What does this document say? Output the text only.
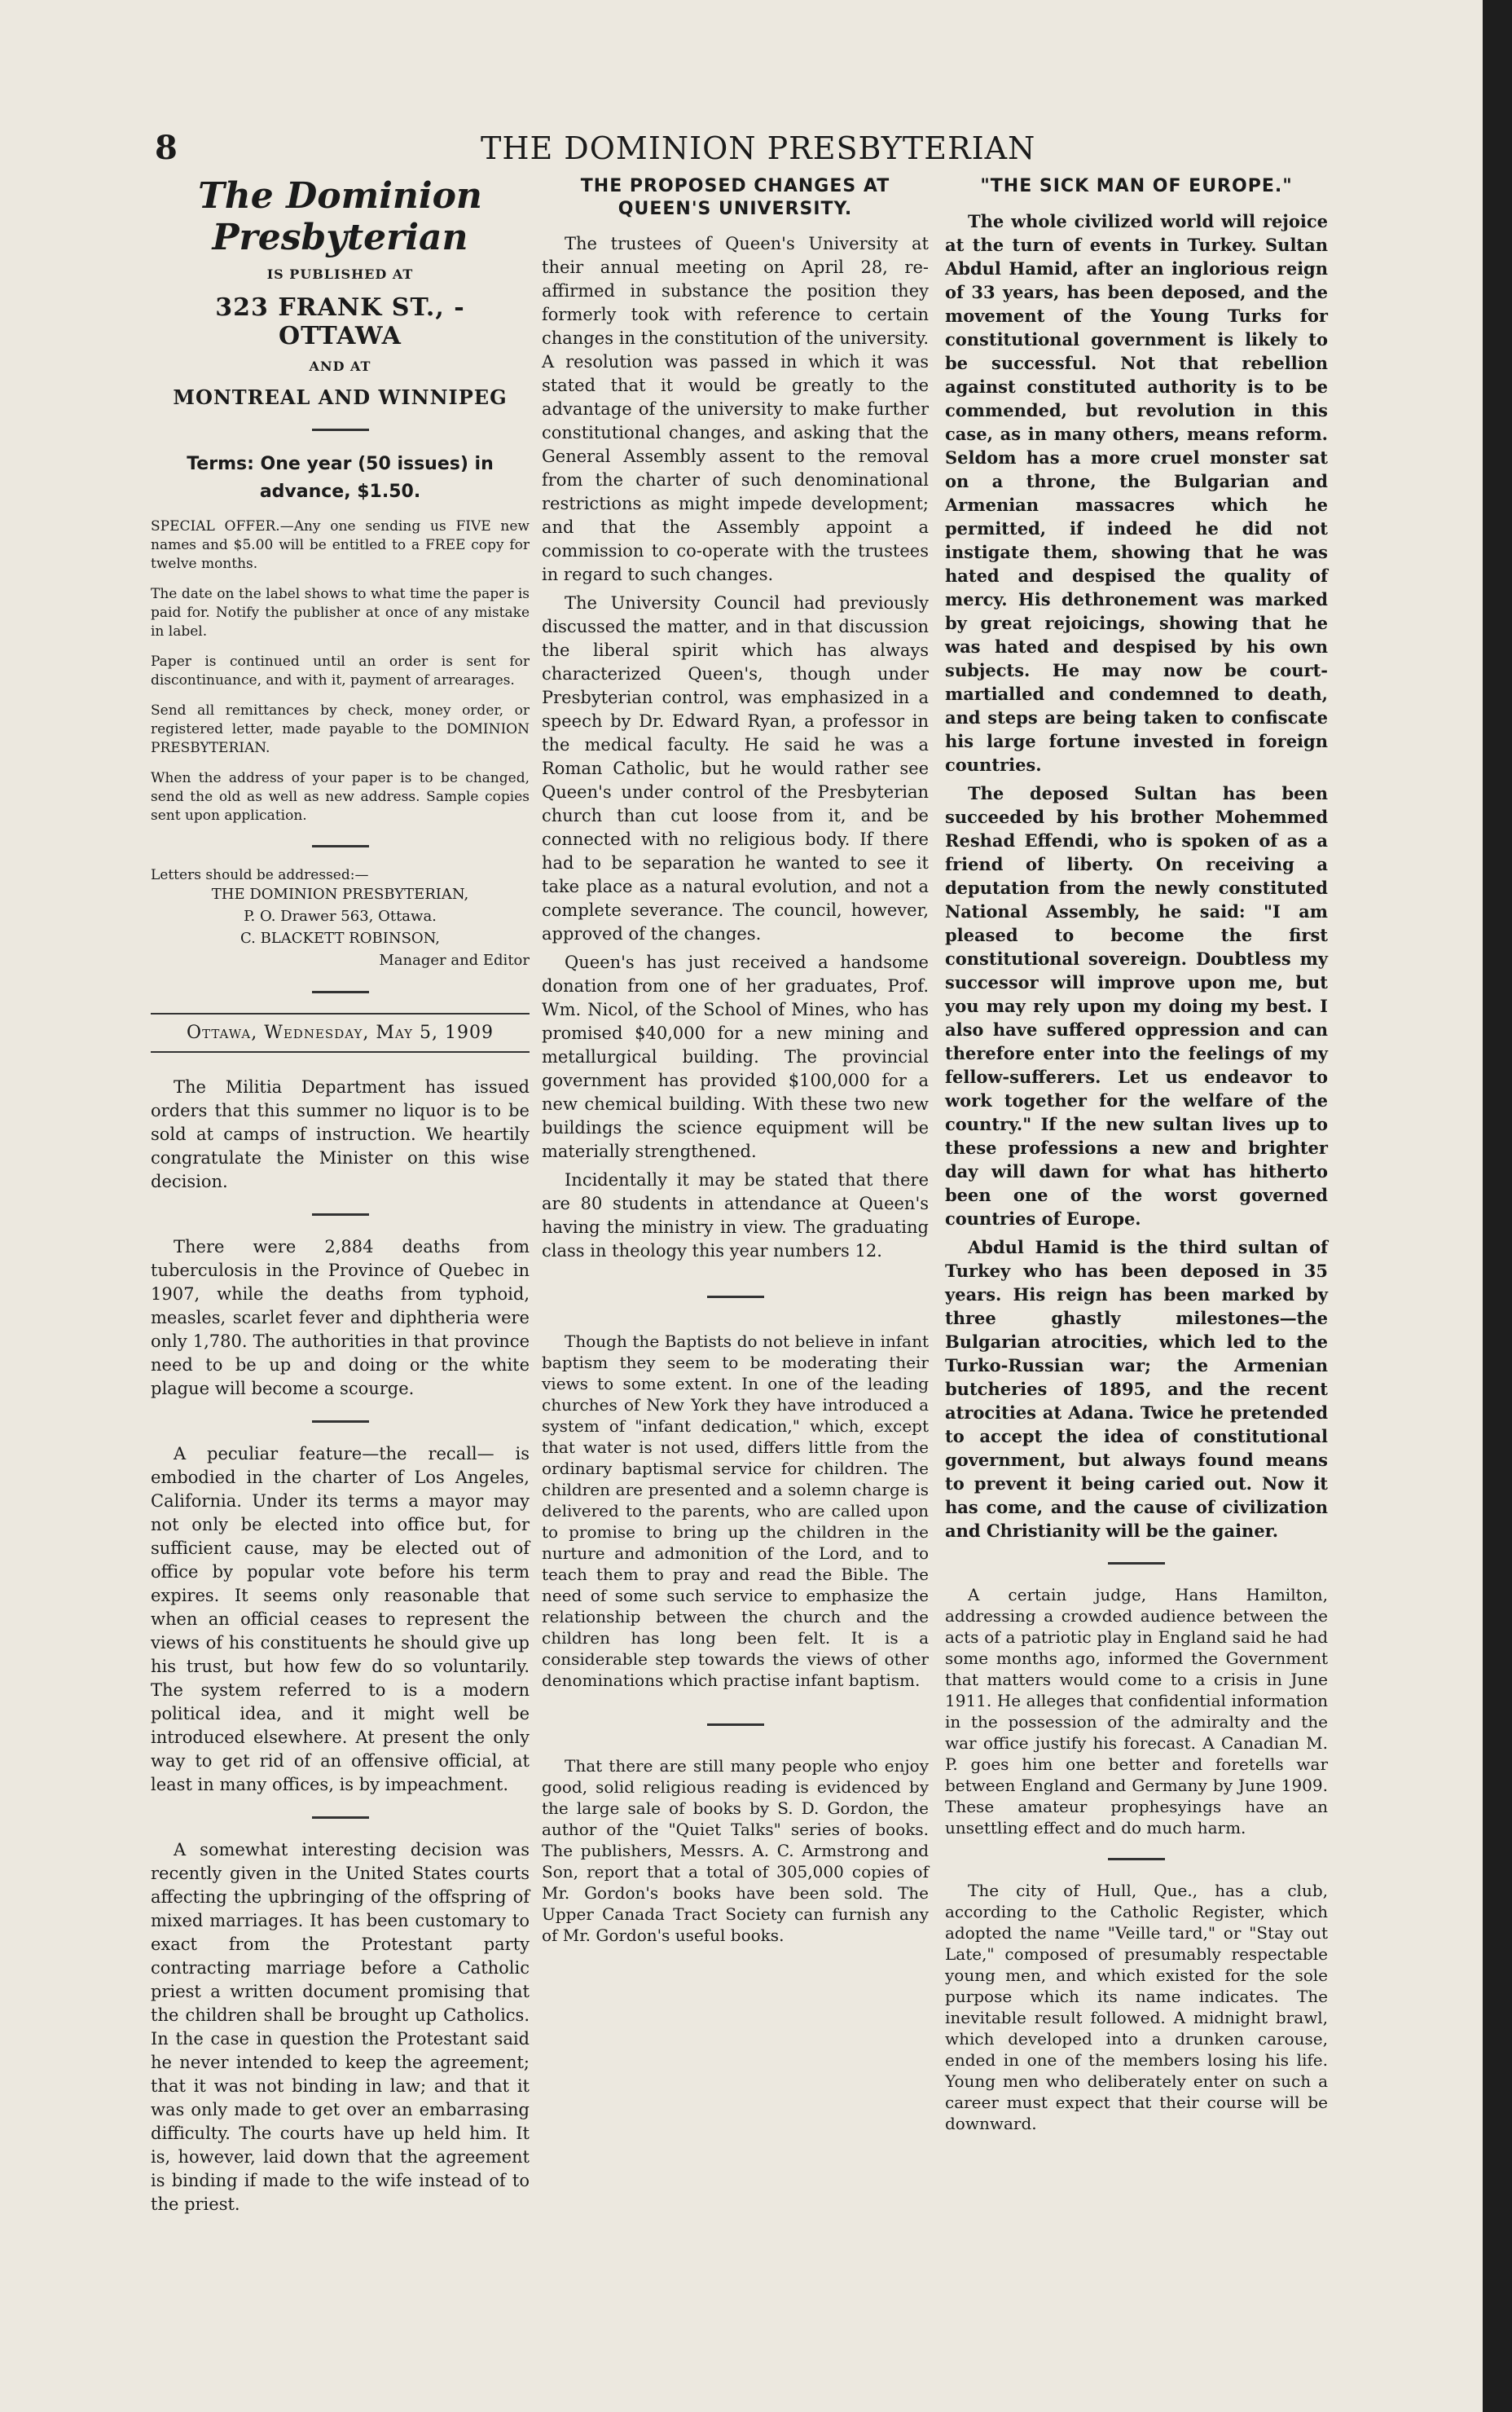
8	THE DOMINION PRESBYTERIAN
The Dominion Presbyterian
IS PUBLISHED AT
323 FRANK ST., - OTTAWA
AND AT
MONTREAL AND WINNIPEG
Terms: One year (50 issues) in advance, $1.50.
SPECIAL OFFER.—Any one sending us FIVE new names and $5.00 will be entitled to a FREE copy for twelve months.
The date on the label shows to what time the paper is paid for. Notify the publisher at once of any mistake in label.
Paper is continued until an order is sent for discontinuance, and with it, payment of arrearages.
Send all remittances by check, money order, or registered letter, made payable to the DOMINION PRESBYTERIAN.
When the address of your paper is to be changed, send the old as well as new address. Sample copies sent upon application.
Letters should be addressed:—
THE DOMINION PRESBYTERIAN,
P. O. Drawer 563, Ottawa.
C. BLACKETT ROBINSON,
Manager and Editor
Ottawa, Wednesday, May 5, 1909

The Militia Department has issued orders that this summer no liquor is to be sold at camps of instruction. We heartily congratulate the Minister on this wise decision.

There were 2,884 deaths from tuberculosis in the Province of Quebec in 1907, while the deaths from typhoid, measles, scarlet fever and diphtheria were only 1,780. The authorities in that province need to be up and doing or the white plague will become a scourge.

A peculiar feature—the recall— is embodied in the charter of Los Angeles, California. Under its terms a mayor may not only be elected into office but, for sufficient cause, may be elected out of office by popular vote before his term expires. It seems only reasonable that when an official ceases to represent the views of his constituents he should give up his trust, but how few do so voluntarily. The system referred to is a modern political idea, and it might well be introduced elsewhere. At present the only way to get rid of an offensive official, at least in many offices, is by impeachment.

A somewhat interesting decision was recently given in the United States courts affecting the upbringing of the offspring of mixed marriages. It has been customary to exact from the Protestant party contracting marriage before a Catholic priest a written document promising that the children shall be brought up Catholics. In the case in question the Protestant said he never intended to keep the agreement; that it was not binding in law; and that it was only made to get over an embarrasing difficulty. The courts have up held him. It is, however, laid down that the agreement is binding if made to the wife instead of to the priest.

THE PROPOSED CHANGES AT QUEEN'S UNIVERSITY.

The trustees of Queen's University at their annual meeting on April 28, re-affirmed in substance the position they formerly took with reference to certain changes in the constitution of the university. A resolution was passed in which it was stated that it would be greatly to the advantage of the university to make further constitutional changes, and asking that the General Assembly assent to the removal from the charter of such denominational restrictions as might impede development; and that the Assembly appoint a commission to co-operate with the trustees in regard to such changes.

The University Council had previously discussed the matter, and in that discussion the liberal spirit which has always characterized Queen's, though under Presbyterian control, was emphasized in a speech by Dr. Edward Ryan, a professor in the medical faculty. He said he was a Roman Catholic, but he would rather see Queen's under control of the Presbyterian church than cut loose from it, and be connected with no religious body. If there had to be separation he wanted to see it take place as a natural evolution, and not a complete severance. The council, however, approved of the changes.

Queen's has just received a handsome donation from one of her graduates, Prof. Wm. Nicol, of the School of Mines, who has promised $40,000 for a new mining and metallurgical building. The provincial government has provided $100,000 for a new chemical building. With these two new buildings the science equipment will be materially strengthened.

Incidentally it may be stated that there are 80 students in attendance at Queen's having the ministry in view. The graduating class in theology this year numbers 12.

Though the Baptists do not believe in infant baptism they seem to be moderating their views to some extent. In one of the leading churches of New York they have introduced a system of "infant dedication," which, except that water is not used, differs little from the ordinary baptismal service for children. The children are presented and a solemn charge is delivered to the parents, who are called upon to promise to bring up the children in the nurture and admonition of the Lord, and to teach them to pray and read the Bible. The need of some such service to emphasize the relationship between the church and the children has long been felt. It is a considerable step towards the views of other denominations which practise infant baptism.

That there are still many people who enjoy good, solid religious reading is evidenced by the large sale of books by S. D. Gordon, the author of the "Quiet Talks" series of books. The publishers, Messrs. A. C. Armstrong and Son, report that a total of 305,000 copies of Mr. Gordon's books have been sold. The Upper Canada Tract Society can furnish any of Mr. Gordon's useful books.

"THE SICK MAN OF EUROPE."

The whole civilized world will rejoice at the turn of events in Turkey. Sultan Abdul Hamid, after an inglorious reign of 33 years, has been deposed, and the movement of the Young Turks for constitutional government is likely to be successful. Not that rebellion against constituted authority is to be commended, but revolution in this case, as in many others, means reform. Seldom has a more cruel monster sat on a throne, the Bulgarian and Armenian massacres which he permitted, if indeed he did not instigate them, showing that he was hated and despised the quality of mercy. His dethronement was marked by great rejoicings, showing that he was hated and despised by his own subjects. He may now be court-martialled and condemned to death, and steps are being taken to confiscate his large fortune invested in foreign countries.

The deposed Sultan has been succeeded by his brother Mohemmed Reshad Effendi, who is spoken of as a friend of liberty. On receiving a deputation from the newly constituted National Assembly, he said: "I am pleased to become the first constitutional sovereign. Doubtless my successor will improve upon me, but you may rely upon my doing my best. I also have suffered oppression and can therefore enter into the feelings of my fellow-sufferers. Let us endeavor to work together for the welfare of the country." If the new sultan lives up to these professions a new and brighter day will dawn for what has hitherto been one of the worst governed countries of Europe.

Abdul Hamid is the third sultan of Turkey who has been deposed in 35 years. His reign has been marked by three ghastly milestones—the Bulgarian atrocities, which led to the Turko-Russian war; the Armenian butcheries of 1895, and the recent atrocities at Adana. Twice he pretended to accept the idea of constitutional government, but always found means to prevent it being caried out. Now it has come, and the cause of civilization and Christianity will be the gainer.

A certain judge, Hans Hamilton, addressing a crowded audience between the acts of a patriotic play in England said he had some months ago, informed the Government that matters would come to a crisis in June 1911. He alleges that confidential information in the possession of the admiralty and the war office justify his forecast. A Canadian M. P. goes him one better and foretells war between England and Germany by June 1909. These amateur prophesyings have an unsettling effect and do much harm.

The city of Hull, Que., has a club, according to the Catholic Register, which adopted the name "Veille tard," or "Stay out Late," composed of presumably respectable young men, and which existed for the sole purpose which its name indicates. The inevitable result followed. A midnight brawl, which developed into a drunken carouse, ended in one of the members losing his life. Young men who deliberately enter on such a career must expect that their course will be downward.
